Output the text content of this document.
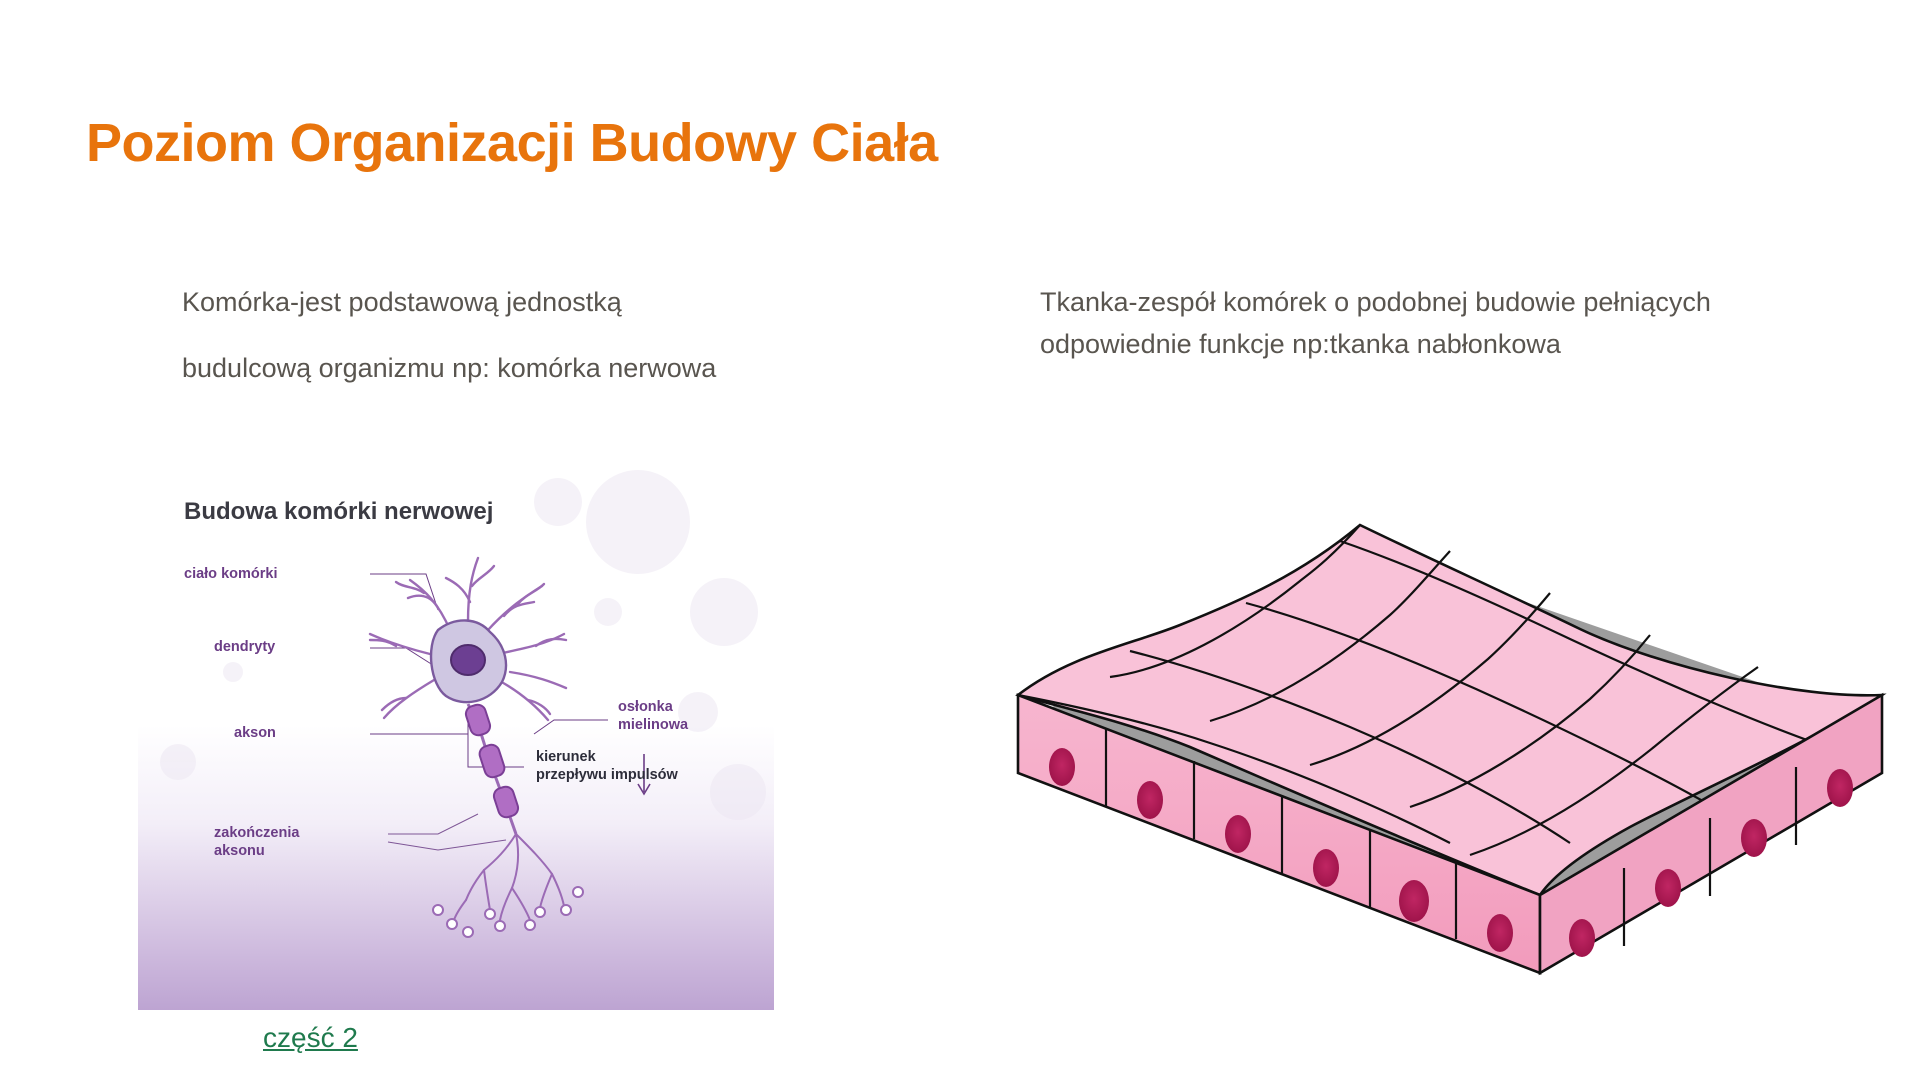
Poziom Organizacji Budowy Ciała

Komórka-jest podstawową jednostką

budulcową organizmu np: komórka nerwowa

Budowa komórki nerwowej
ciało komórki
dendryty
akson
osłonka
mielinowa
kierunek
przepływu impulsów
zakończenia
aksonu
część 2

Tkanka-zespół komórek o podobnej budowie pełniących odpowiednie funkcje np:tkanka nabłonkowa
